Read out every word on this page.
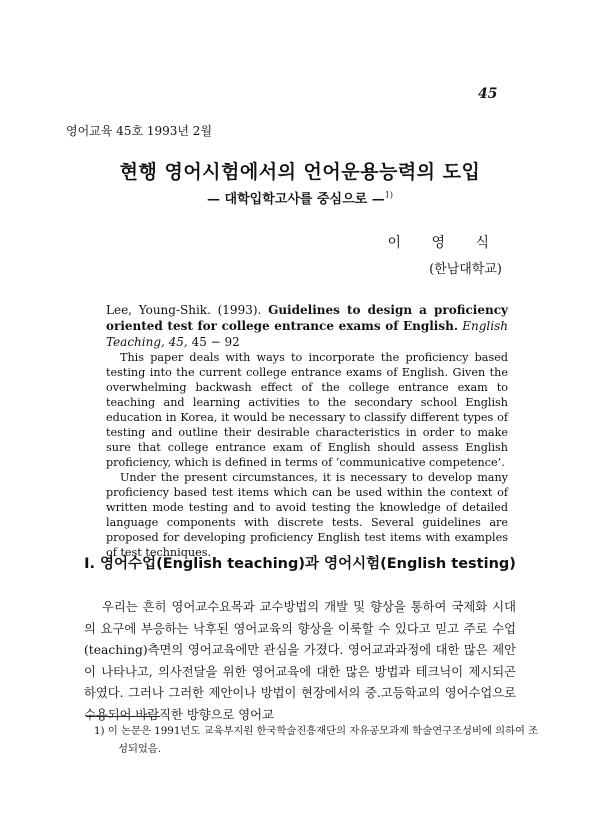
45
영어교육 45호 1993년 2월
현행 영어시험에서의 언어운용능력의 도입
— 대학입학고사를 중심으로 —$^{1)}$
이 영 식
(한남대학교)
Lee, Young-Shik. (1993). Guidelines to design a proficiency oriented test for college entrance exams of English. English Teaching, 45, 45 − 92

This paper deals with ways to incorporate the proficiency based testing into the current college entrance exams of English. Given the overwhelming backwash effect of the college entrance exam to teaching and learning activities to the secondary school English education in Korea, it would be necessary to classify different types of testing and outline their desirable characteristics in order to make sure that college entrance exam of English should assess English proficiency, which is defined in terms of ‘communicative competence’.

Under the present circumstances, it is necessary to develop many proficiency based test items which can be used within the context of written mode testing and to avoid testing the knowledge of detailed language components with discrete tests. Several guidelines are proposed for developing proficiency English test items with examples of test techniques.

Ⅰ. 영어수업(English teaching)과 영어시험(English testing)

우리는 흔히 영어교수요목과 교수방법의 개발 및 향상을 통하여 국제화 시대의 요구에 부응하는 낙후된 영어교육의 향상을 이룩할 수 있다고 믿고 주로 수업(teaching)측면의 영어교육에만 관심을 가졌다. 영어교과과정에 대한 많은 제안이 나타나고, 의사전달을 위한 영어교육에 대한 많은 방법과 테크닉이 제시되곤 하였다. 그러나 그러한 제안이나 방법이 현장에서의 중.고등학교의 영어수업으로 수용되어 바람직한 방향으로 영어교

1) 이 논문은 1991년도 교육부지원 한국학술진흥재단의 자유공모과제 학술연구조성비에 의하여 조성되었음.
